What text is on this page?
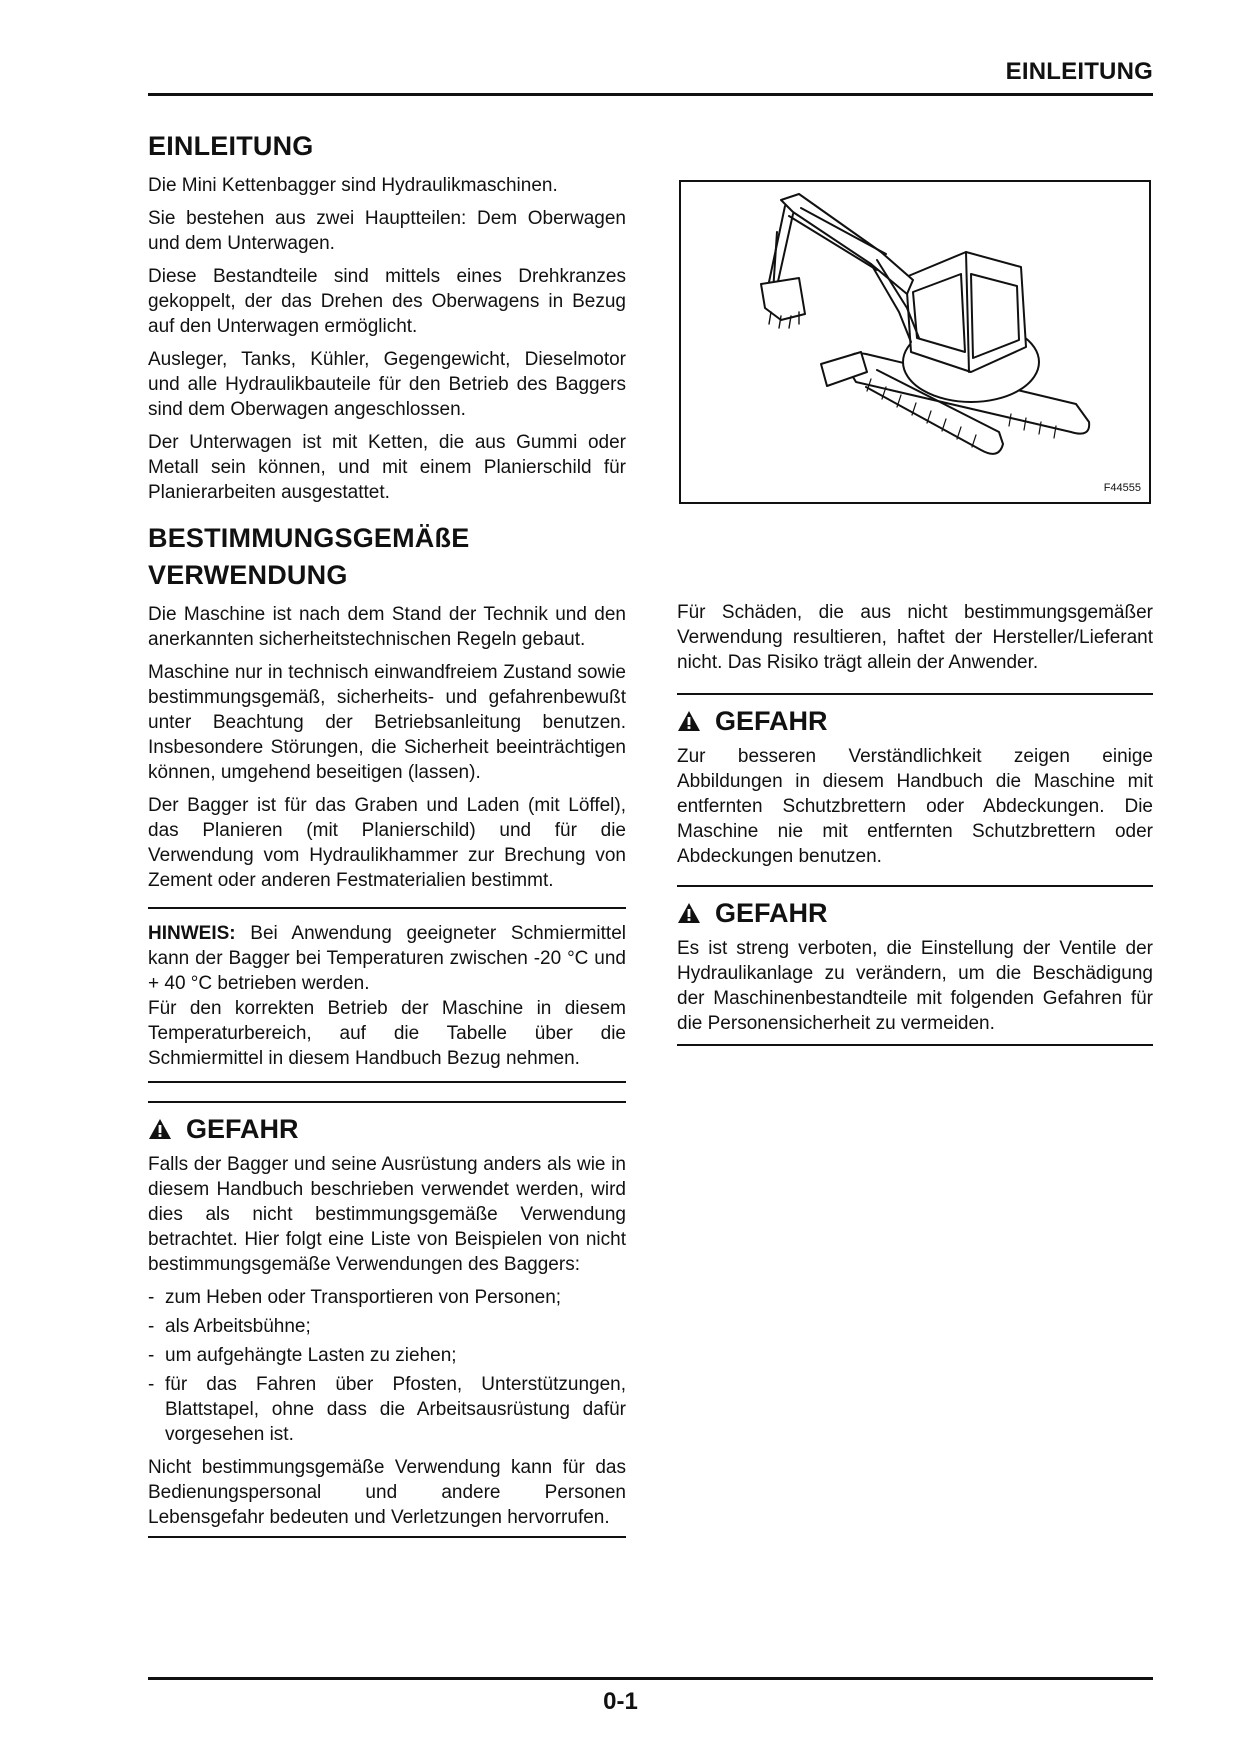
EINLEITUNG
EINLEITUNG

Die Mini Kettenbagger sind Hydraulikmaschinen.

Sie bestehen aus zwei Hauptteilen: Dem Oberwagen und dem Unterwagen.

Diese Bestandteile sind mittels eines Drehkranzes gekoppelt, der das Drehen des Oberwagens in Bezug auf den Unterwagen ermöglicht.

Ausleger, Tanks, Kühler, Gegengewicht, Dieselmotor und alle Hydraulikbauteile für den Betrieb des Baggers sind dem Oberwagen angeschlossen.

Der Unterwagen ist mit Ketten, die aus Gummi oder Metall sein können, und mit einem Planierschild für Planierarbeiten ausgestattet.

BESTIMMUNGSGEMÄßE
VERWENDUNG

Die Maschine ist nach dem Stand der Technik und den anerkannten sicherheitstechnischen Regeln gebaut.

Maschine nur in technisch einwandfreiem Zustand sowie bestimmungsgemäß, sicherheits- und gefahrenbewußt unter Beachtung der Betriebsanleitung benutzen. Insbesondere Störungen, die Sicherheit beeinträchtigen können, umgehend beseitigen (lassen).

Der Bagger ist für das Graben und Laden (mit Löffel), das Planieren (mit Planierschild) und für die Verwendung vom Hydraulikhammer zur Brechung von Zement oder anderen Festmaterialien bestimmt.

HINWEIS: Bei Anwendung geeigneter Schmiermittel kann der Bagger bei Temperaturen zwischen -20 °C und + 40 °C betrieben werden.

Für den korrekten Betrieb der Maschine in diesem Temperaturbereich, auf die Tabelle über die Schmiermittel in diesem Handbuch Bezug nehmen.

GEFAHR

Falls der Bagger und seine Ausrüstung anders als wie in diesem Handbuch beschrieben verwendet werden, wird dies als nicht bestimmungsgemäße Verwendung betrachtet. Hier folgt eine Liste von Beispielen von nicht bestimmungsgemäße Verwendungen des Baggers:

- zum Heben oder Transportieren von Personen;
- als Arbeitsbühne;
- um aufgehängte Lasten zu ziehen;
- für das Fahren über Pfosten, Unterstützungen, Blattstapel, ohne dass die Arbeitsausrüstung dafür vorgesehen ist.

Nicht bestimmungsgemäße Verwendung kann für das Bedienungspersonal und andere Personen Lebensgefahr bedeuten und Verletzungen hervorrufen.

F44555

Für Schäden, die aus nicht bestimmungsgemäßer Verwendung resultieren, haftet der Hersteller/Lieferant nicht. Das Risiko trägt allein der Anwender.

GEFAHR

Zur besseren Verständlichkeit zeigen einige Abbildungen in diesem Handbuch die Maschine mit entfernten Schutzbrettern oder Abdeckungen. Die Maschine nie mit entfernten Schutzbrettern oder Abdeckungen benutzen.

GEFAHR

Es ist streng verboten, die Einstellung der Ventile der Hydraulikanlage zu verändern, um die Beschädigung der Maschinenbestandteile mit folgenden Gefahren für die Personensicherheit zu vermeiden.

0-1
